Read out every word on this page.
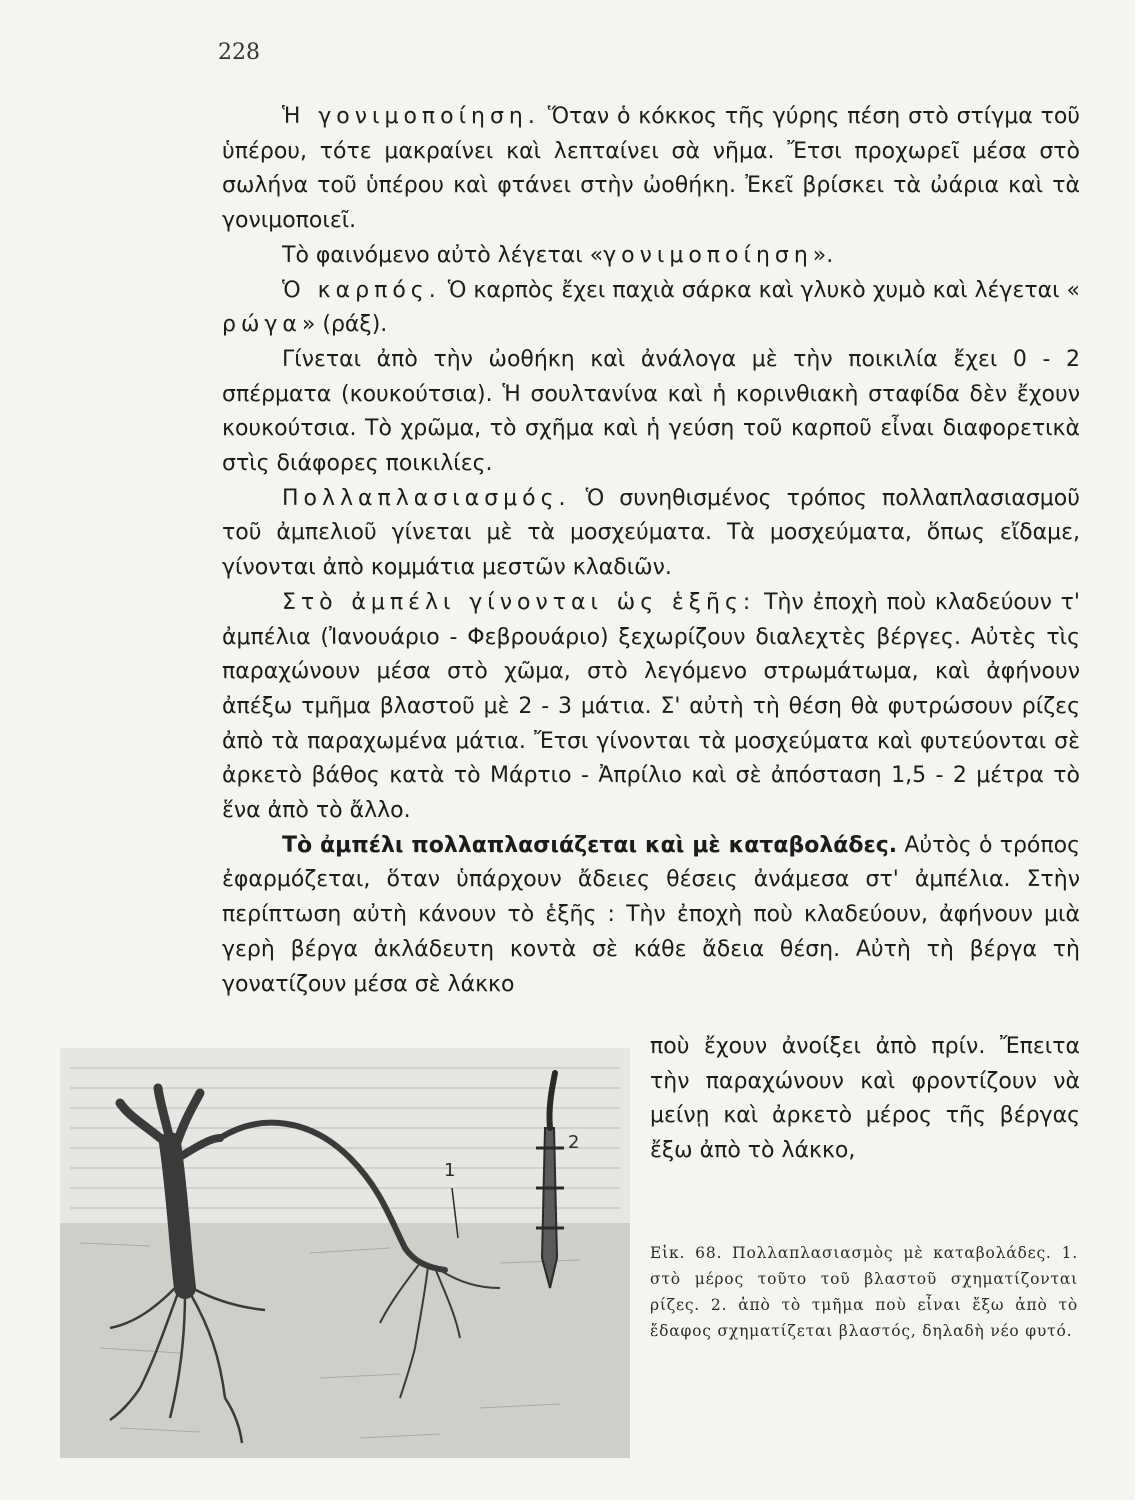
228

Ἡ γονιμοποίηση. Ὅταν ὁ κόκκος τῆς γύρης πέση στὸ στίγμα τοῦ ὑπέρου, τότε μακραίνει καὶ λεπταίνει σὰ νῆμα. Ἔτσι προχωρεῖ μέσα στὸ σωλήνα τοῦ ὑπέρου καὶ φτάνει στὴν ὠοθήκη. Ἐκεῖ βρίσκει τὰ ὠάρια καὶ τὰ γονιμοποιεῖ.

Τὸ φαινόμενο αὐτὸ λέγεται «γονιμοποίηση».

Ὁ καρπός. Ὁ καρπὸς ἔχει παχιὰ σάρκα καὶ γλυκὸ χυμὸ καὶ λέγεται « ρώγα» (ράξ).

Γίνεται ἀπὸ τὴν ὠοθήκη καὶ ἀνάλογα μὲ τὴν ποικιλία ἔχει 0 - 2 σπέρματα (κουκούτσια). Ἡ σουλτανίνα καὶ ἡ κορινθιακὴ σταφίδα δὲν ἔχουν κουκούτσια. Τὸ χρῶμα, τὸ σχῆμα καὶ ἡ γεύση τοῦ καρποῦ εἶναι διαφορετικὰ στὶς διάφορες ποικιλίες.

Πολλαπλασιασμός. Ὁ συνηθισμένος τρόπος πολλαπλασιασμοῦ τοῦ ἀμπελιοῦ γίνεται μὲ τὰ μοσχεύματα. Τὰ μοσχεύματα, ὅπως εἴδαμε, γίνονται ἀπὸ κομμάτια μεστῶν κλαδιῶν.

Στὸ ἀμπέλι γίνονται ὡς ἑξῆς: Τὴν ἐποχὴ ποὺ κλαδεύουν τ' ἀμπέλια (Ἰανουάριο - Φεβρουάριο) ξεχωρίζουν διαλεχτὲς βέργες. Αὐτὲς τὶς παραχώνουν μέσα στὸ χῶμα, στὸ λεγόμενο στρωμάτωμα, καὶ ἀφήνουν ἀπέξω τμῆμα βλαστοῦ μὲ 2 - 3 μάτια. Σ' αὐτὴ τὴ θέση θὰ φυτρώσουν ρίζες ἀπὸ τὰ παραχωμένα μάτια. Ἔτσι γίνονται τὰ μοσχεύματα καὶ φυτεύονται σὲ ἀρκετὸ βάθος κατὰ τὸ Μάρτιο - Ἀπρίλιο καὶ σὲ ἀπόσταση 1,5 - 2 μέτρα τὸ ἕνα ἀπὸ τὸ ἄλλο.

Τὸ ἀμπέλι πολλαπλασιάζεται καὶ μὲ καταβολάδες. Αὐτὸς ὁ τρόπος ἐφαρμόζεται, ὅταν ὑπάρχουν ἄδειες θέσεις ἀνάμεσα στ' ἀμπέλια. Στὴν περίπτωση αὐτὴ κάνουν τὸ ἑξῆς : Τὴν ἐποχὴ ποὺ κλαδεύουν, ἀφήνουν μιὰ γερὴ βέργα ἀκλάδευτη κοντὰ σὲ κάθε ἄδεια θέση. Αὐτὴ τὴ βέργα τὴ γονατίζουν μέσα σὲ λάκκο

ποὺ ἔχουν ἀνοίξει ἀπὸ πρίν. Ἔπειτα τὴν παραχώνουν καὶ φροντίζουν νὰ μείνῃ καὶ ἀρκετὸ μέρος τῆς βέργας ἔξω ἀπὸ τὸ λάκκο,
1
2
Εἰκ. 68. Πολλαπλασιασμὸς μὲ καταβολάδες. 1. στὸ μέρος τοῦτο τοῦ βλαστοῦ σχηματίζονται ρίζες. 2. ἀπὸ τὸ τμῆμα ποὺ εἶναι ἔξω ἀπὸ τὸ ἔδαφος σχηματίζεται βλαστός, δηλαδὴ νέο φυτό.
